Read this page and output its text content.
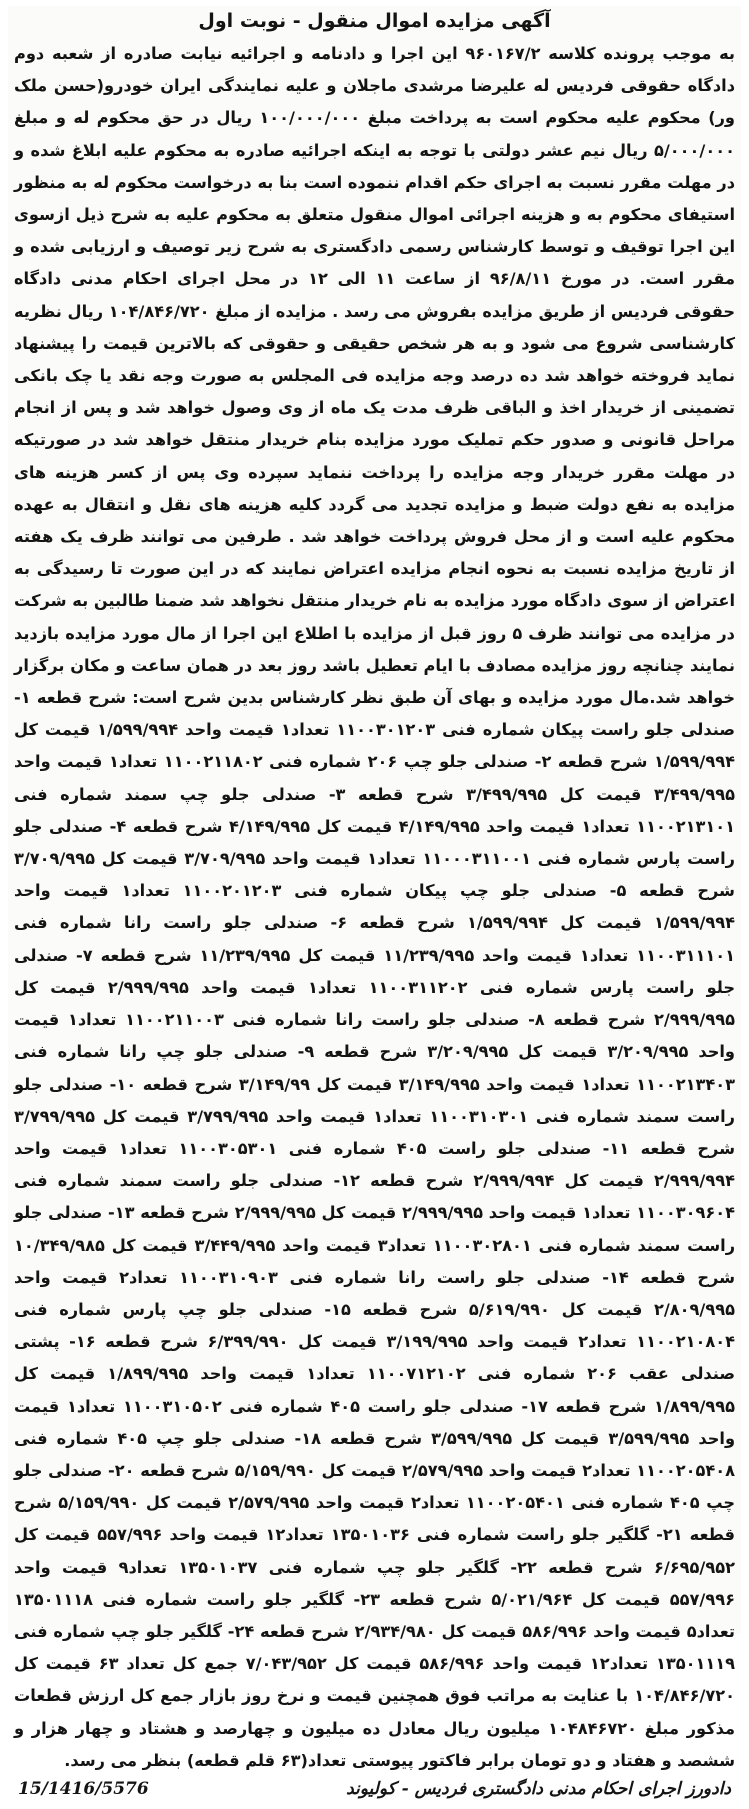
آگهی مزایده اموال منقول - نوبت اول

به موجب پرونده کلاسه ۹۶۰۱۶۷/۲ این اجرا و دادنامه و اجرائیه نیابت صادره از شعبه دوم دادگاه حقوقی فردیس له علیرضا مرشدی ماجلان و علیه نمایندگی ایران خودرو(حسن ملک ور) محکوم علیه محکوم است به پرداخت مبلغ ۱۰۰/۰۰۰/۰۰۰ ریال در حق محکوم له و مبلغ ۵/۰۰۰/۰۰۰ ریال نیم عشر دولتی با توجه به اینکه اجرائیه صادره به محکوم علیه ابلاغ شده و در مهلت مقرر نسبت به اجرای حکم اقدام ننموده است بنا به درخواست محکوم له به منظور استیفای محکوم به و هزینه اجرائی اموال منقول متعلق به محکوم علیه به شرح ذیل ازسوی این اجرا توقیف و توسط کارشناس رسمی دادگستری به شرح زیر توصیف و ارزیابی شده و مقرر است. در مورخ ۹۶/۸/۱۱ از ساعت ۱۱ الی ۱۲ در محل اجرای احکام مدنی دادگاه حقوقی فردیس از طریق مزایده بفروش می رسد . مزایده از مبلغ ۱۰۴/۸۴۶/۷۲۰ ریال نظریه کارشناسی شروع می شود و به هر شخص حقیقی و حقوقی که بالاترین قیمت را پیشنهاد نماید فروخته خواهد شد ده درصد وجه مزایده فی المجلس به صورت وجه نقد یا چک بانکی تضمینی از خریدار اخذ و الباقی ظرف مدت یک ماه از وی وصول خواهد شد و پس از انجام مراحل قانونی و صدور حکم تملیک مورد مزایده بنام خریدار منتقل خواهد شد در صورتیکه در مهلت مقرر خریدار وجه مزایده را پرداخت ننماید سپرده وی پس از کسر هزینه های مزایده به نفع دولت ضبط و مزایده تجدید می گردد کلیه هزینه های نقل و انتقال به عهده محکوم علیه است و از محل فروش پرداخت خواهد شد . طرفین می توانند ظرف یک هفته از تاریخ مزایده نسبت به نحوه انجام مزایده اعتراض نمایند که در این صورت تا رسیدگی به اعتراض از سوی دادگاه مورد مزایده به نام خریدار منتقل نخواهد شد ضمنا طالبین به شرکت در مزایده می توانند ظرف ۵ روز قبل از مزایده با اطلاع این اجرا از مال مورد مزایده بازدید نمایند چنانچه روز مزایده مصادف با ایام تعطیل باشد روز بعد در همان ساعت و مکان برگزار خواهد شد.مال مورد مزایده و بهای آن طبق نظر کارشناس بدین شرح است: شرح قطعه ۱- صندلی جلو راست پیکان شماره فنی ۱۱۰۰۳۰۱۲۰۳ تعداد۱ قیمت واحد ۱/۵۹۹/۹۹۴ قیمت کل ۱/۵۹۹/۹۹۴ شرح قطعه ۲- صندلی جلو چپ ۲۰۶ شماره فنی ۱۱۰۰۲۱۱۸۰۲ تعداد۱ قیمت واحد ۳/۴۹۹/۹۹۵ قیمت کل ۳/۴۹۹/۹۹۵ شرح قطعه ۳- صندلی جلو چپ سمند شماره فنی ۱۱۰۰۲۱۳۱۰۱ تعداد۱ قیمت واحد ۴/۱۴۹/۹۹۵ قیمت کل ۴/۱۴۹/۹۹۵ شرح قطعه ۴- صندلی جلو راست پارس شماره فنی ۱۱۰۰۰۳۱۱۰۰۱ تعداد۱ قیمت واحد ۳/۷۰۹/۹۹۵ قیمت کل ۳/۷۰۹/۹۹۵ شرح قطعه ۵- صندلی جلو چپ پیکان شماره فنی ۱۱۰۰۲۰۱۲۰۳ تعداد۱ قیمت واحد ۱/۵۹۹/۹۹۴ قیمت کل ۱/۵۹۹/۹۹۴ شرح قطعه ۶- صندلی جلو راست رانا شماره فنی ۱۱۰۰۳۱۱۱۰۱ تعداد۱ قیمت واحد ۱۱/۲۳۹/۹۹۵ قیمت کل ۱۱/۲۳۹/۹۹۵ شرح قطعه ۷- صندلی جلو راست پارس شماره فنی ۱۱۰۰۳۱۱۲۰۲ تعداد۱ قیمت واحد ۲/۹۹۹/۹۹۵ قیمت کل ۲/۹۹۹/۹۹۵ شرح قطعه ۸- صندلی جلو راست رانا شماره فنی ۱۱۰۰۲۱۱۰۰۳ تعداد۱ قیمت واحد ۳/۲۰۹/۹۹۵ قیمت کل ۳/۲۰۹/۹۹۵ شرح قطعه ۹- صندلی جلو چپ رانا شماره فنی ۱۱۰۰۲۱۳۴۰۳ تعداد۱ قیمت واحد ۳/۱۴۹/۹۹۵ قیمت کل ۳/۱۴۹/۹۹ شرح قطعه ۱۰- صندلی جلو راست سمند شماره فنی ۱۱۰۰۳۱۰۳۰۱ تعداد۱ قیمت واحد ۳/۷۹۹/۹۹۵ قیمت کل ۳/۷۹۹/۹۹۵ شرح قطعه ۱۱- صندلی جلو راست ۴۰۵ شماره فنی ۱۱۰۰۳۰۵۳۰۱ تعداد۱ قیمت واحد ۲/۹۹۹/۹۹۴ قیمت کل ۲/۹۹۹/۹۹۴ شرح قطعه ۱۲- صندلی جلو راست سمند شماره فنی ۱۱۰۰۳۰۹۶۰۴ تعداد۱ قیمت واحد ۲/۹۹۹/۹۹۵ قیمت کل ۲/۹۹۹/۹۹۵ شرح قطعه ۱۳- صندلی جلو راست سمند شماره فنی ۱۱۰۰۳۰۲۸۰۱ تعداد۳ قیمت واحد ۳/۴۴۹/۹۹۵ قیمت کل ۱۰/۳۴۹/۹۸۵ شرح قطعه ۱۴- صندلی جلو راست رانا شماره فنی ۱۱۰۰۳۱۰۹۰۳ تعداد۲ قیمت واحد ۲/۸۰۹/۹۹۵ قیمت کل ۵/۶۱۹/۹۹۰ شرح قطعه ۱۵- صندلی جلو چپ پارس شماره فنی ۱۱۰۰۲۱۰۸۰۴ تعداد۲ قیمت واحد ۳/۱۹۹/۹۹۵ قیمت کل ۶/۳۹۹/۹۹۰ شرح قطعه ۱۶- پشتی صندلی عقب ۲۰۶ شماره فنی ۱۱۰۰۷۱۲۱۰۲ تعداد۱ قیمت واحد ۱/۸۹۹/۹۹۵ قیمت کل ۱/۸۹۹/۹۹۵ شرح قطعه ۱۷- صندلی جلو راست ۴۰۵ شماره فنی ۱۱۰۰۳۱۰۵۰۲ تعداد۱ قیمت واحد ۳/۵۹۹/۹۹۵ قیمت کل ۳/۵۹۹/۹۹۵ شرح قطعه ۱۸- صندلی جلو چپ ۴۰۵ شماره فنی ۱۱۰۰۲۰۵۴۰۸ تعداد۲ قیمت واحد ۲/۵۷۹/۹۹۵ قیمت کل ۵/۱۵۹/۹۹۰ شرح قطعه ۲۰- صندلی جلو چپ ۴۰۵ شماره فنی ۱۱۰۰۲۰۵۴۰۱ تعداد۲ قیمت واحد ۲/۵۷۹/۹۹۵ قیمت کل ۵/۱۵۹/۹۹۰ شرح قطعه ۲۱- گلگیر جلو راست شماره فنی ۱۳۵۰۱۰۳۶ تعداد۱۲ قیمت واحد ۵۵۷/۹۹۶ قیمت کل ۶/۶۹۵/۹۵۲ شرح قطعه ۲۲- گلگیر جلو چپ شماره فنی ۱۳۵۰۱۰۳۷ تعداد۹ قیمت واحد ۵۵۷/۹۹۶ قیمت کل ۵/۰۲۱/۹۶۴ شرح قطعه ۲۳- گلگیر جلو راست شماره فنی ۱۳۵۰۱۱۱۸ تعداد۵ قیمت واحد ۵۸۶/۹۹۶ قیمت کل ۲/۹۳۴/۹۸۰ شرح قطعه ۲۴- گلگیر جلو چپ شماره فنی ۱۳۵۰۱۱۱۹ تعداد۱۲ قیمت واحد ۵۸۶/۹۹۶ قیمت کل ۷/۰۴۳/۹۵۲ جمع کل تعداد ۶۳ قیمت کل ۱۰۴/۸۴۶/۷۲۰ با عنایت به مراتب فوق همچنین قیمت و نرخ روز بازار جمع کل ارزش قطعات مذکور مبلغ ۱۰۴۸۴۶۷۲۰ میلیون ریال معادل ده میلیون و چهارصد و هشتاد و چهار هزار و ششصد و هفتاد و دو تومان برابر فاکتور پیوستی تعداد(۶۳ قلم قطعه) بنظر می رسد.

دادورز اجرای احکام مدنی دادگستری فردیس - کولیوند
15/1416/5576
